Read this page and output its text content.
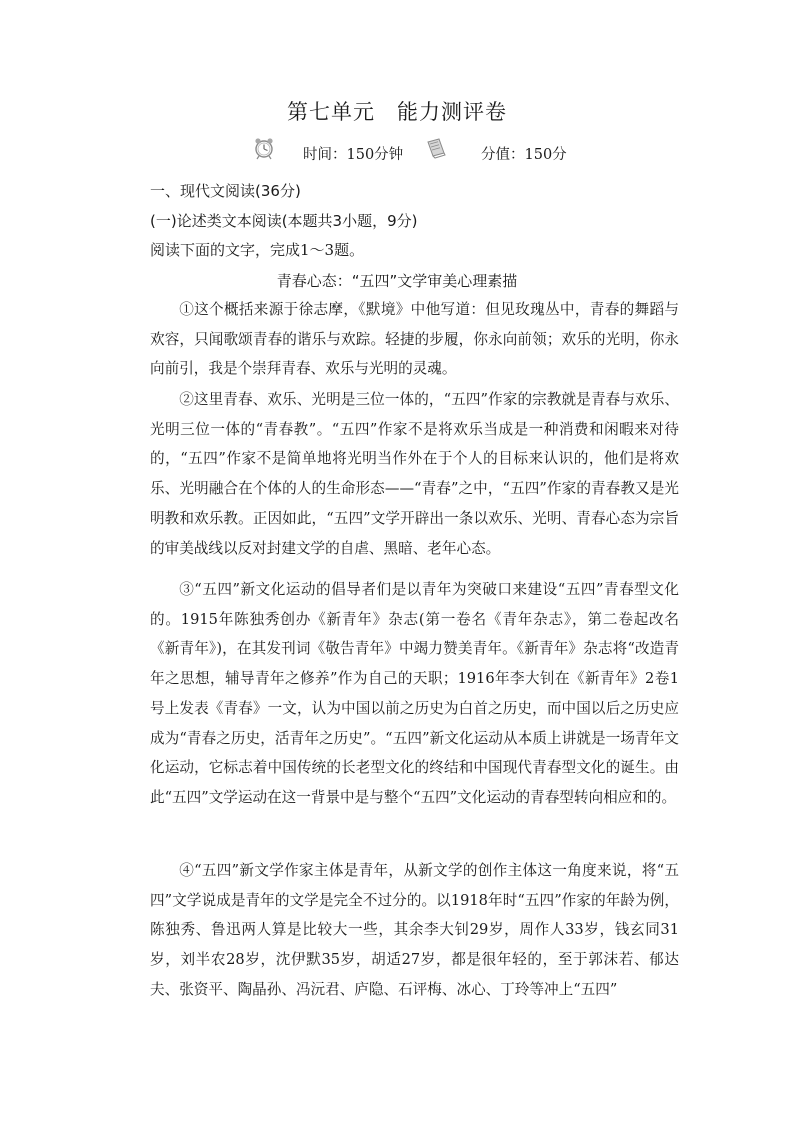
第七单元　能力测评卷
时间：150分钟	分值：150分
一、现代文阅读(36分)
(一)论述类文本阅读(本题共3小题，9分)
阅读下面的文字，完成1～3题。
青春心态：“五四”文学审美心理素描
①这个概括来源于徐志摩，《默境》中他写道：但见玫瑰丛中，青春的舞蹈与欢容，只闻歌颂青春的谐乐与欢踪。轻捷的步履，你永向前领；欢乐的光明，你永向前引，我是个崇拜青春、欢乐与光明的灵魂。
②这里青春、欢乐、光明是三位一体的，“五四”作家的宗教就是青春与欢乐、光明三位一体的“青春教”。“五四”作家不是将欢乐当成是一种消费和闲暇来对待的，“五四”作家不是简单地将光明当作外在于个人的目标来认识的，他们是将欢乐、光明融合在个体的人的生命形态——“青春”之中，“五四”作家的青春教又是光明教和欢乐教。正因如此，“五四”文学开辟出一条以欢乐、光明、青春心态为宗旨的审美战线以反对封建文学的自虐、黑暗、老年心态。
③“五四”新文化运动的倡导者们是以青年为突破口来建设“五四”青春型文化的。1915年陈独秀创办《新青年》杂志(第一卷名《青年杂志》，第二卷起改名《新青年》)，在其发刊词《敬告青年》中竭力赞美青年。《新青年》杂志将“改造青年之思想，辅导青年之修养”作为自己的天职；1916年李大钊在《新青年》2卷1号上发表《青春》一文，认为中国以前之历史为白首之历史，而中国以后之历史应成为“青春之历史，活青年之历史”。“五四”新文化运动从本质上讲就是一场青年文化运动，它标志着中国传统的长老型文化的终结和中国现代青春型文化的诞生。由此“五四”文学运动在这一背景中是与整个“五四”文化运动的青春型转向相应和的。
④“五四”新文学作家主体是青年，从新文学的创作主体这一角度来说，将“五四”文学说成是青年的文学是完全不过分的。以1918年时“五四”作家的年龄为例，陈独秀、鲁迅两人算是比较大一些，其余李大钊29岁，周作人33岁，钱玄同31岁，刘半农28岁，沈伊默35岁，胡适27岁，都是很年轻的，至于郭沫若、郁达夫、张资平、陶晶孙、冯沅君、庐隐、石评梅、冰心、丁玲等冲上“五四”
